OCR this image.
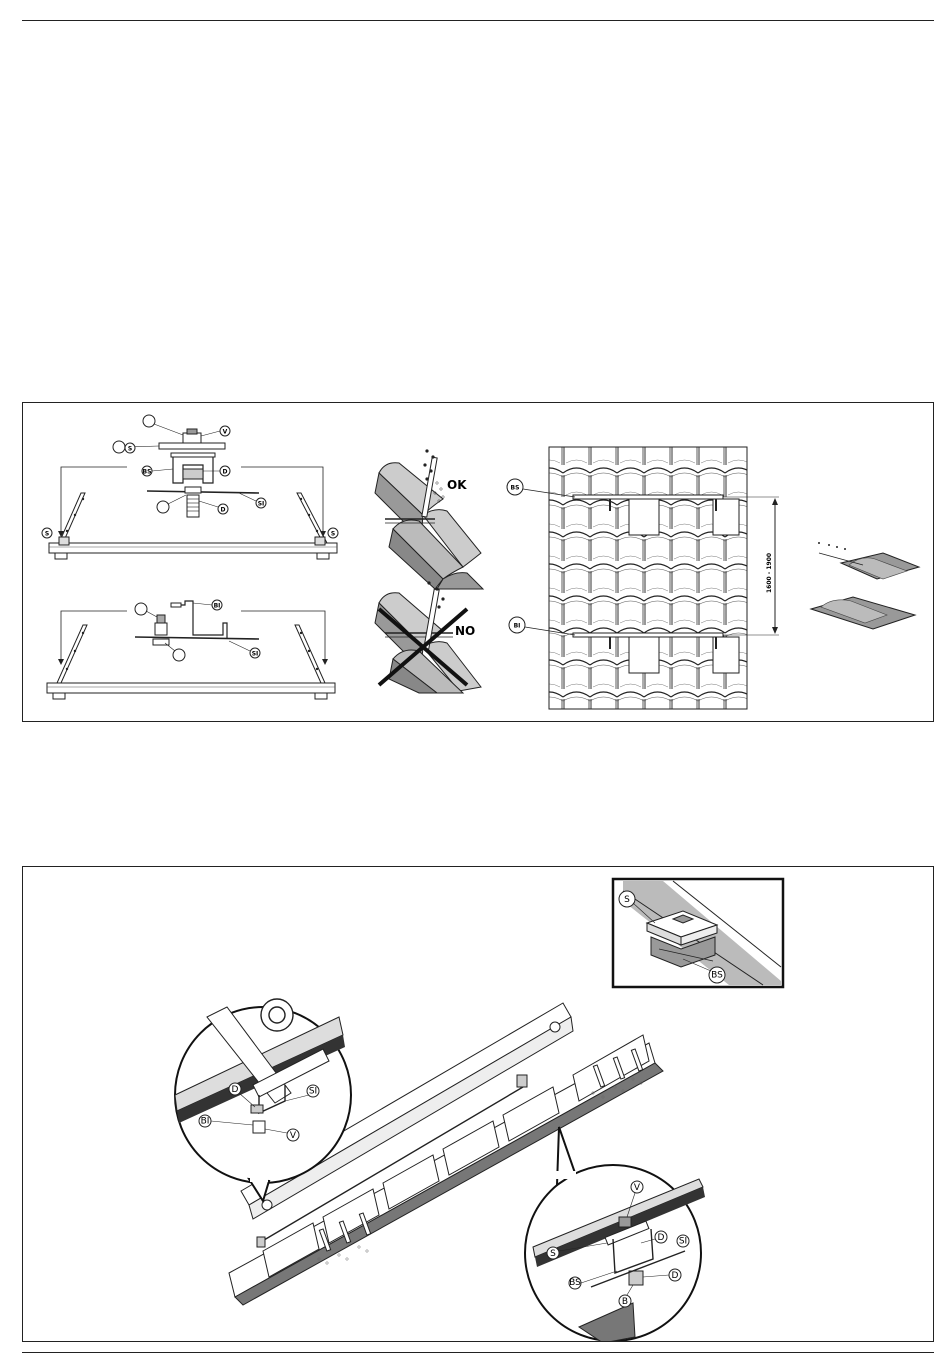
V
S
BS	D
SI
D
S	S
BI
SI
OK
NO
1600 - 1900
BS
BI
S
BS
D	SI
BI
V
V
D
S
SI
BS
D
B
